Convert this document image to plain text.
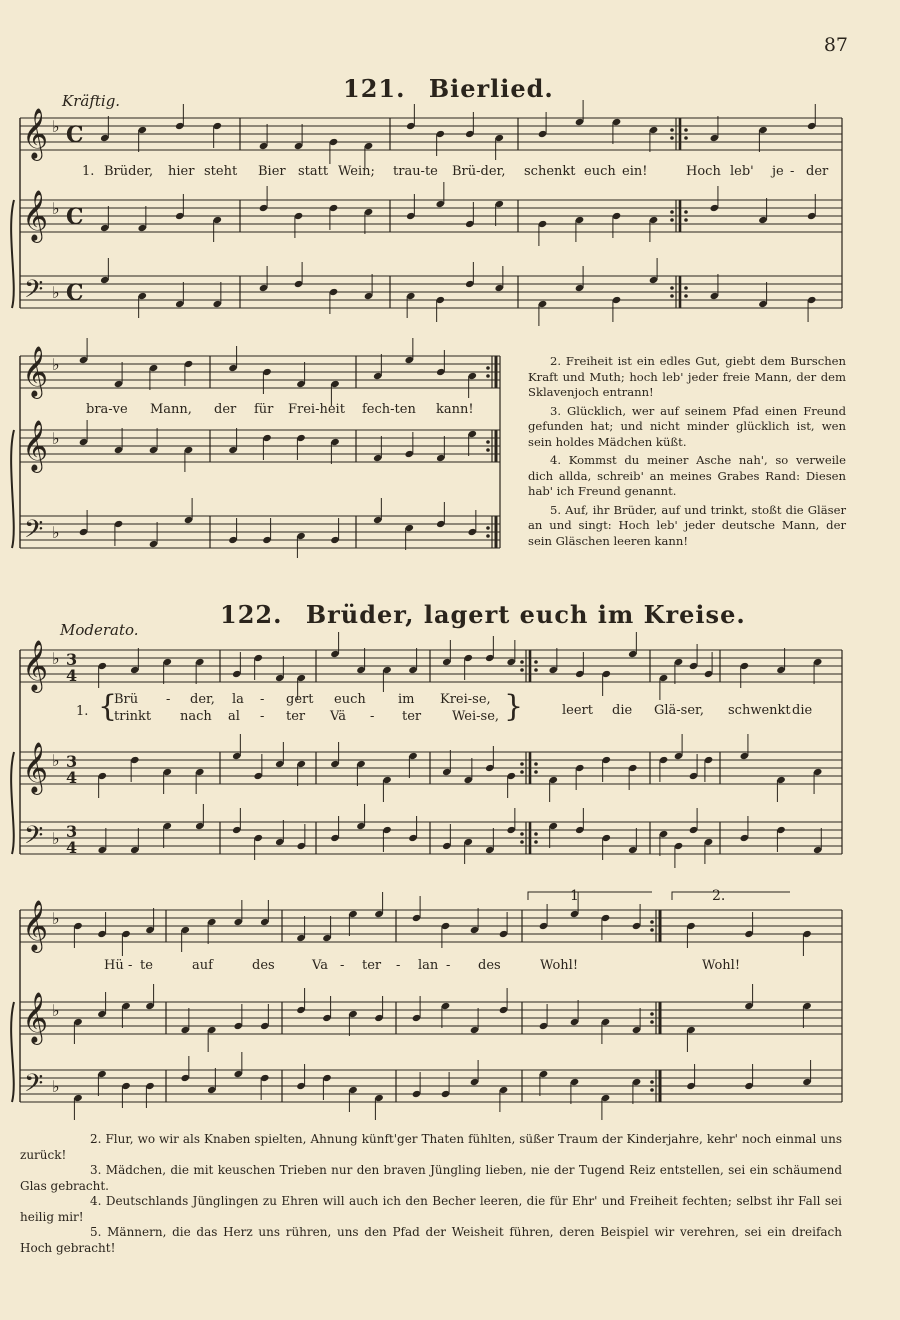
87
Kräftig.	121. Bierlied.
𝄞 ♭ C
𝄞 ♭ C
𝄢 ♭ C
𝄞 ♭
𝄞 ♭
𝄢 ♭
𝄞 ♭ 3
4
𝄞 ♭ 3
4
𝄢 ♭ 3
4
𝄞 ♭
𝄞 ♭
𝄢 ♭
1. Brüder, hier steht Bier statt Wein; trau-te Brü-der, schenkt euch ein!	Hoch leb' je - der
bra-ve Mann, der für Frei-heit fech-ten kann!

2. Freiheit ist ein edles Gut, giebt dem Burschen Kraft und Muth; hoch leb' jeder freie Mann, der dem Sklavenjoch entrann!

3. Glücklich, wer auf seinem Pfad einen Freund gefunden hat; und nicht minder glücklich ist, wen sein holdes Mädchen küßt.

4. Kommst du meiner Asche nah', so verweile dich allda, schreib' an meines Grabes Rand: Diesen hab' ich Freund genannt.

5. Auf, ihr Brüder, auf und trinkt, stoßt die Gläser an und singt: Hoch leb' jeder deutsche Mann, der sein Gläschen leeren kann!

Moderato.
122. Brüder, lagert euch im Kreise.
1. {
Brü - der, la - gert euch im Krei-se,
trinkt nach al - ter Vä - ter Wei-se, }	leert die Glä-ser, schwenkt die
1	2.
Hü - te	auf	des	Va - ter - lan - des	Wohl!	Wohl!

2. Flur, wo wir als Knaben spielten, Ahnung künft'ger Thaten fühlten, süßer Traum der Kinderjahre, kehr' noch einmal uns zurück!

3. Mädchen, die mit keuschen Trieben nur den braven Jüngling lieben, nie der Tugend Reiz entstellen, sei ein schäumend Glas gebracht.

4. Deutschlands Jünglingen zu Ehren will auch ich den Becher leeren, die für Ehr' und Freiheit fechten; selbst ihr Fall sei heilig mir!

5. Männern, die das Herz uns rühren, uns den Pfad der Weisheit führen, deren Beispiel wir verehren, sei ein dreifach Hoch gebracht!
